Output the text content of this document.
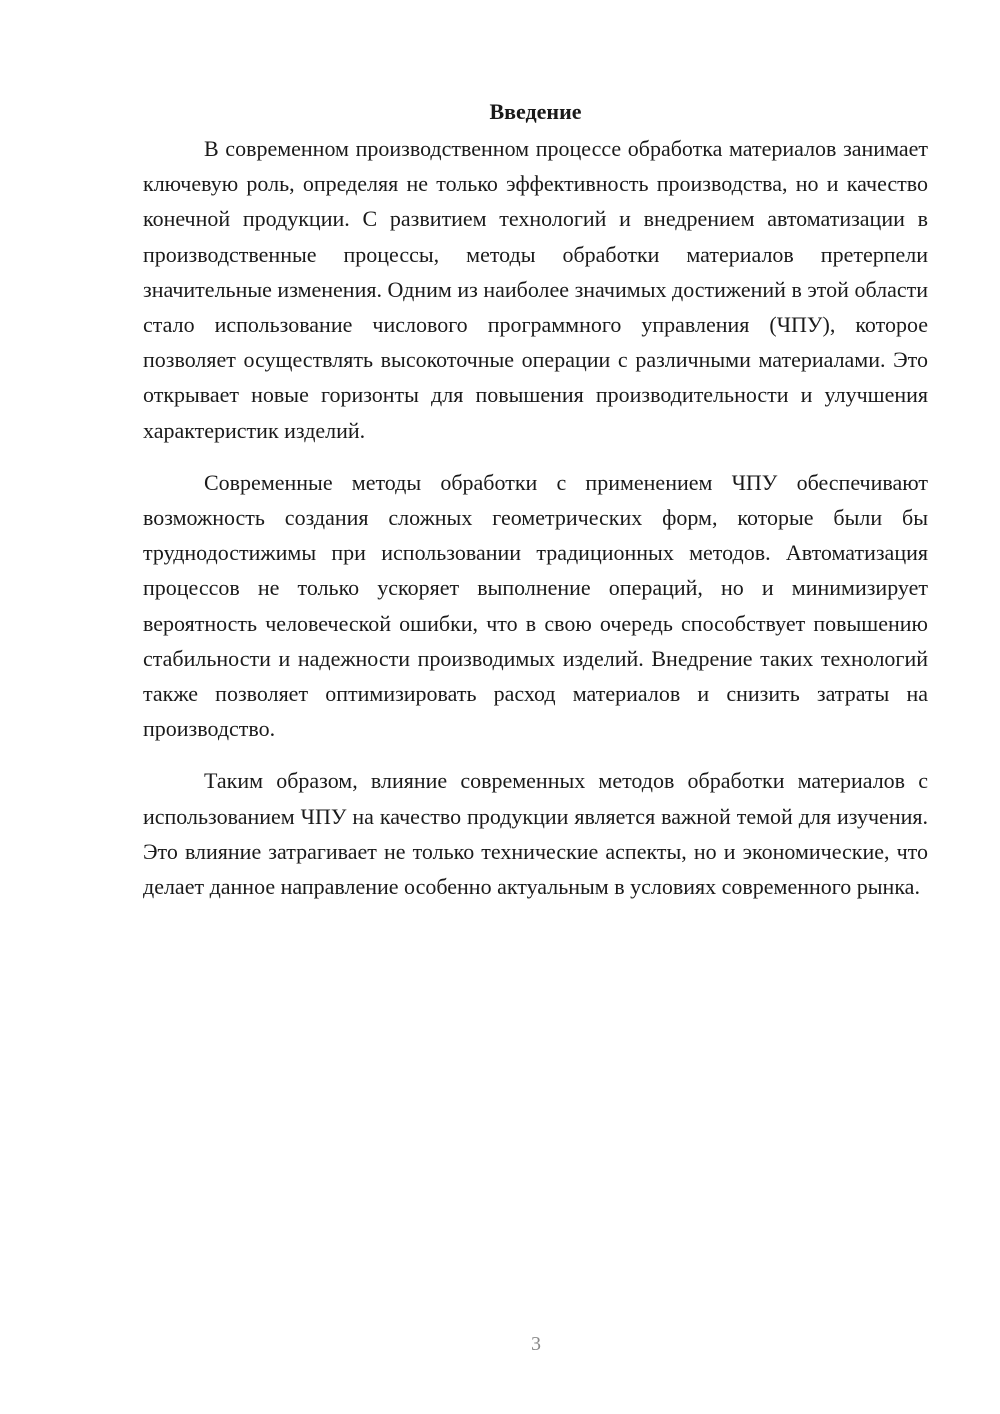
Введение

В современном производственном процессе обработка материалов занимает ключевую роль, определяя не только эффективность производства, но и качество конечной продукции. С развитием технологий и внедрением автоматизации в производственные процессы, методы обработки материалов претерпели значительные изменения. Одним из наиболее значимых достижений в этой области стало использование числового программного управления (ЧПУ), которое позволяет осуществлять высокоточные операции с различными материалами. Это открывает новые горизонты для повышения производительности и улучшения характеристик изделий.

Современные методы обработки с применением ЧПУ обеспечивают возможность создания сложных геометрических форм, которые были бы труднодостижимы при использовании традиционных методов. Автоматизация процессов не только ускоряет выполнение операций, но и минимизирует вероятность человеческой ошибки, что в свою очередь способствует повышению стабильности и надежности производимых изделий. Внедрение таких технологий также позволяет оптимизировать расход материалов и снизить затраты на производство.

Таким образом, влияние современных методов обработки материалов с использованием ЧПУ на качество продукции является важной темой для изучения. Это влияние затрагивает не только технические аспекты, но и экономические, что делает данное направление особенно актуальным в условиях современного рынка.

3
